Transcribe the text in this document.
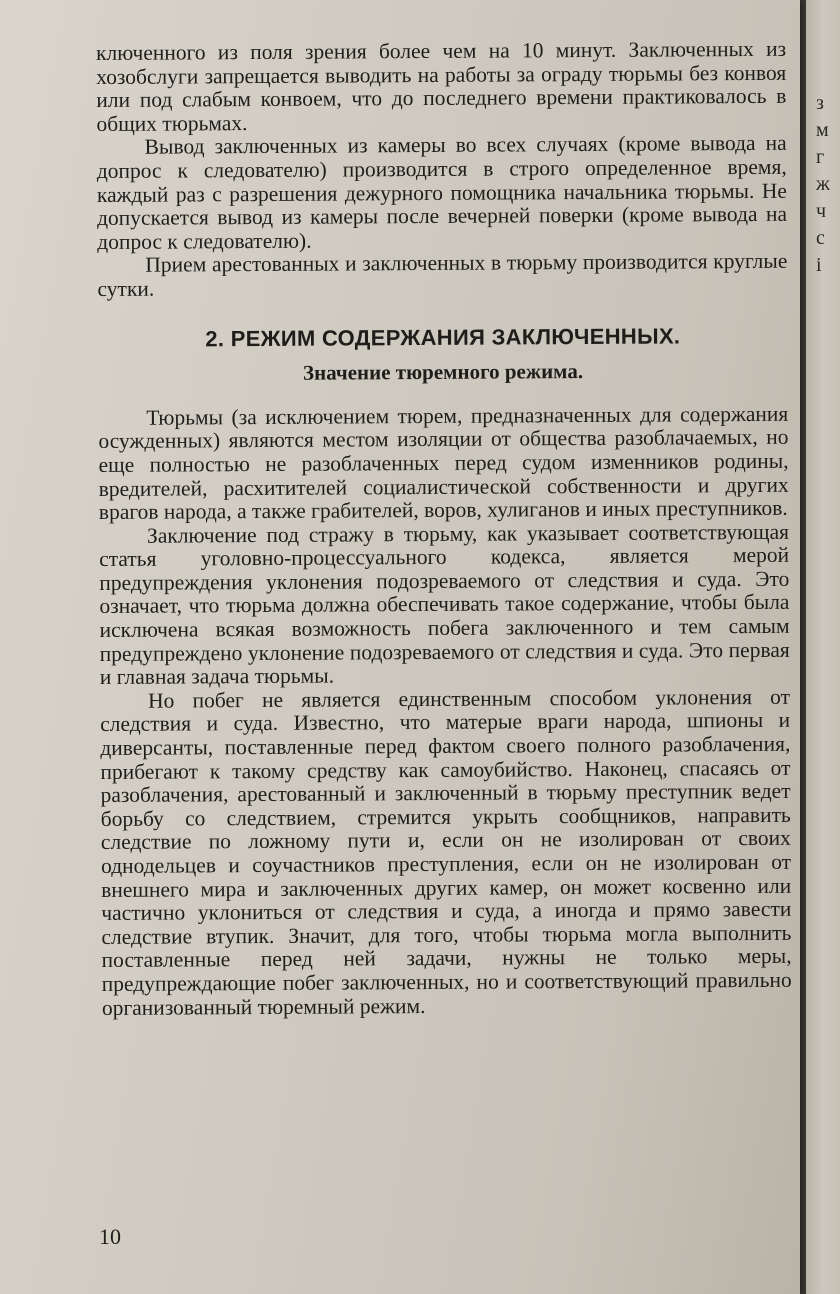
ключенного из поля зрения более чем на 10 минут. Заключенных из хозобслуги запрещается выводить на работы за ограду тюрьмы без конвоя или под слабым конвоем, что до последнего времени практиковалось в общих тюрьмах.

Вывод заключенных из камеры во всех случаях (кроме вывода на допрос к следователю) производится в строго определенное время, каждый раз с разрешения дежурного помощника начальника тюрьмы. Не допускается вывод из камеры после вечерней поверки (кроме вывода на допрос к следователю).

Прием арестованных и заключенных в тюрьму производится круглые сутки.

2. РЕЖИМ СОДЕРЖАНИЯ ЗАКЛЮЧЕННЫХ.
Значение тюремного режима.

Тюрьмы (за исключением тюрем, предназначенных для содержания осужденных) являются местом изоляции от общества разоблачаемых, но еще полностью не разоблаченных перед судом изменников родины, вредителей, расхитителей социалистической собственности и других врагов народа, а также грабителей, воров, хулиганов и иных преступников.

Заключение под стражу в тюрьму, как указывает соответствующая статья уголовно-процессуального кодекса, является мерой предупреждения уклонения подозреваемого от следствия и суда. Это означает, что тюрьма должна обеспечивать такое содержание, чтобы была исключена всякая возможность побега заключенного и тем самым предупреждено уклонение подозреваемого от следствия и суда. Это первая и главная задача тюрьмы.

Но побег не является единственным способом уклонения от следствия и суда. Известно, что матерые враги народа, шпионы и диверсанты, поставленные перед фактом своего полного разоблачения, прибегают к такому средству как самоубийство. Наконец, спасаясь от разоблачения, арестованный и заключенный в тюрьму преступник ведет борьбу со следствием, стремится укрыть сообщников, направить следствие по ложному пути и, если он не изолирован от своих однодельцев и соучастников преступления, если он не изолирован от внешнего мира и заключенных других камер, он может косвенно или частично уклониться от следствия и суда, а иногда и прямо завести следствие втупик. Значит, для того, чтобы тюрьма могла выполнить поставленные перед ней задачи, нужны не только меры, предупреждающие побег заключенных, но и соответствующий правильно организованный тюремный режим.

10
з
м
г
ж
ч
с
і
